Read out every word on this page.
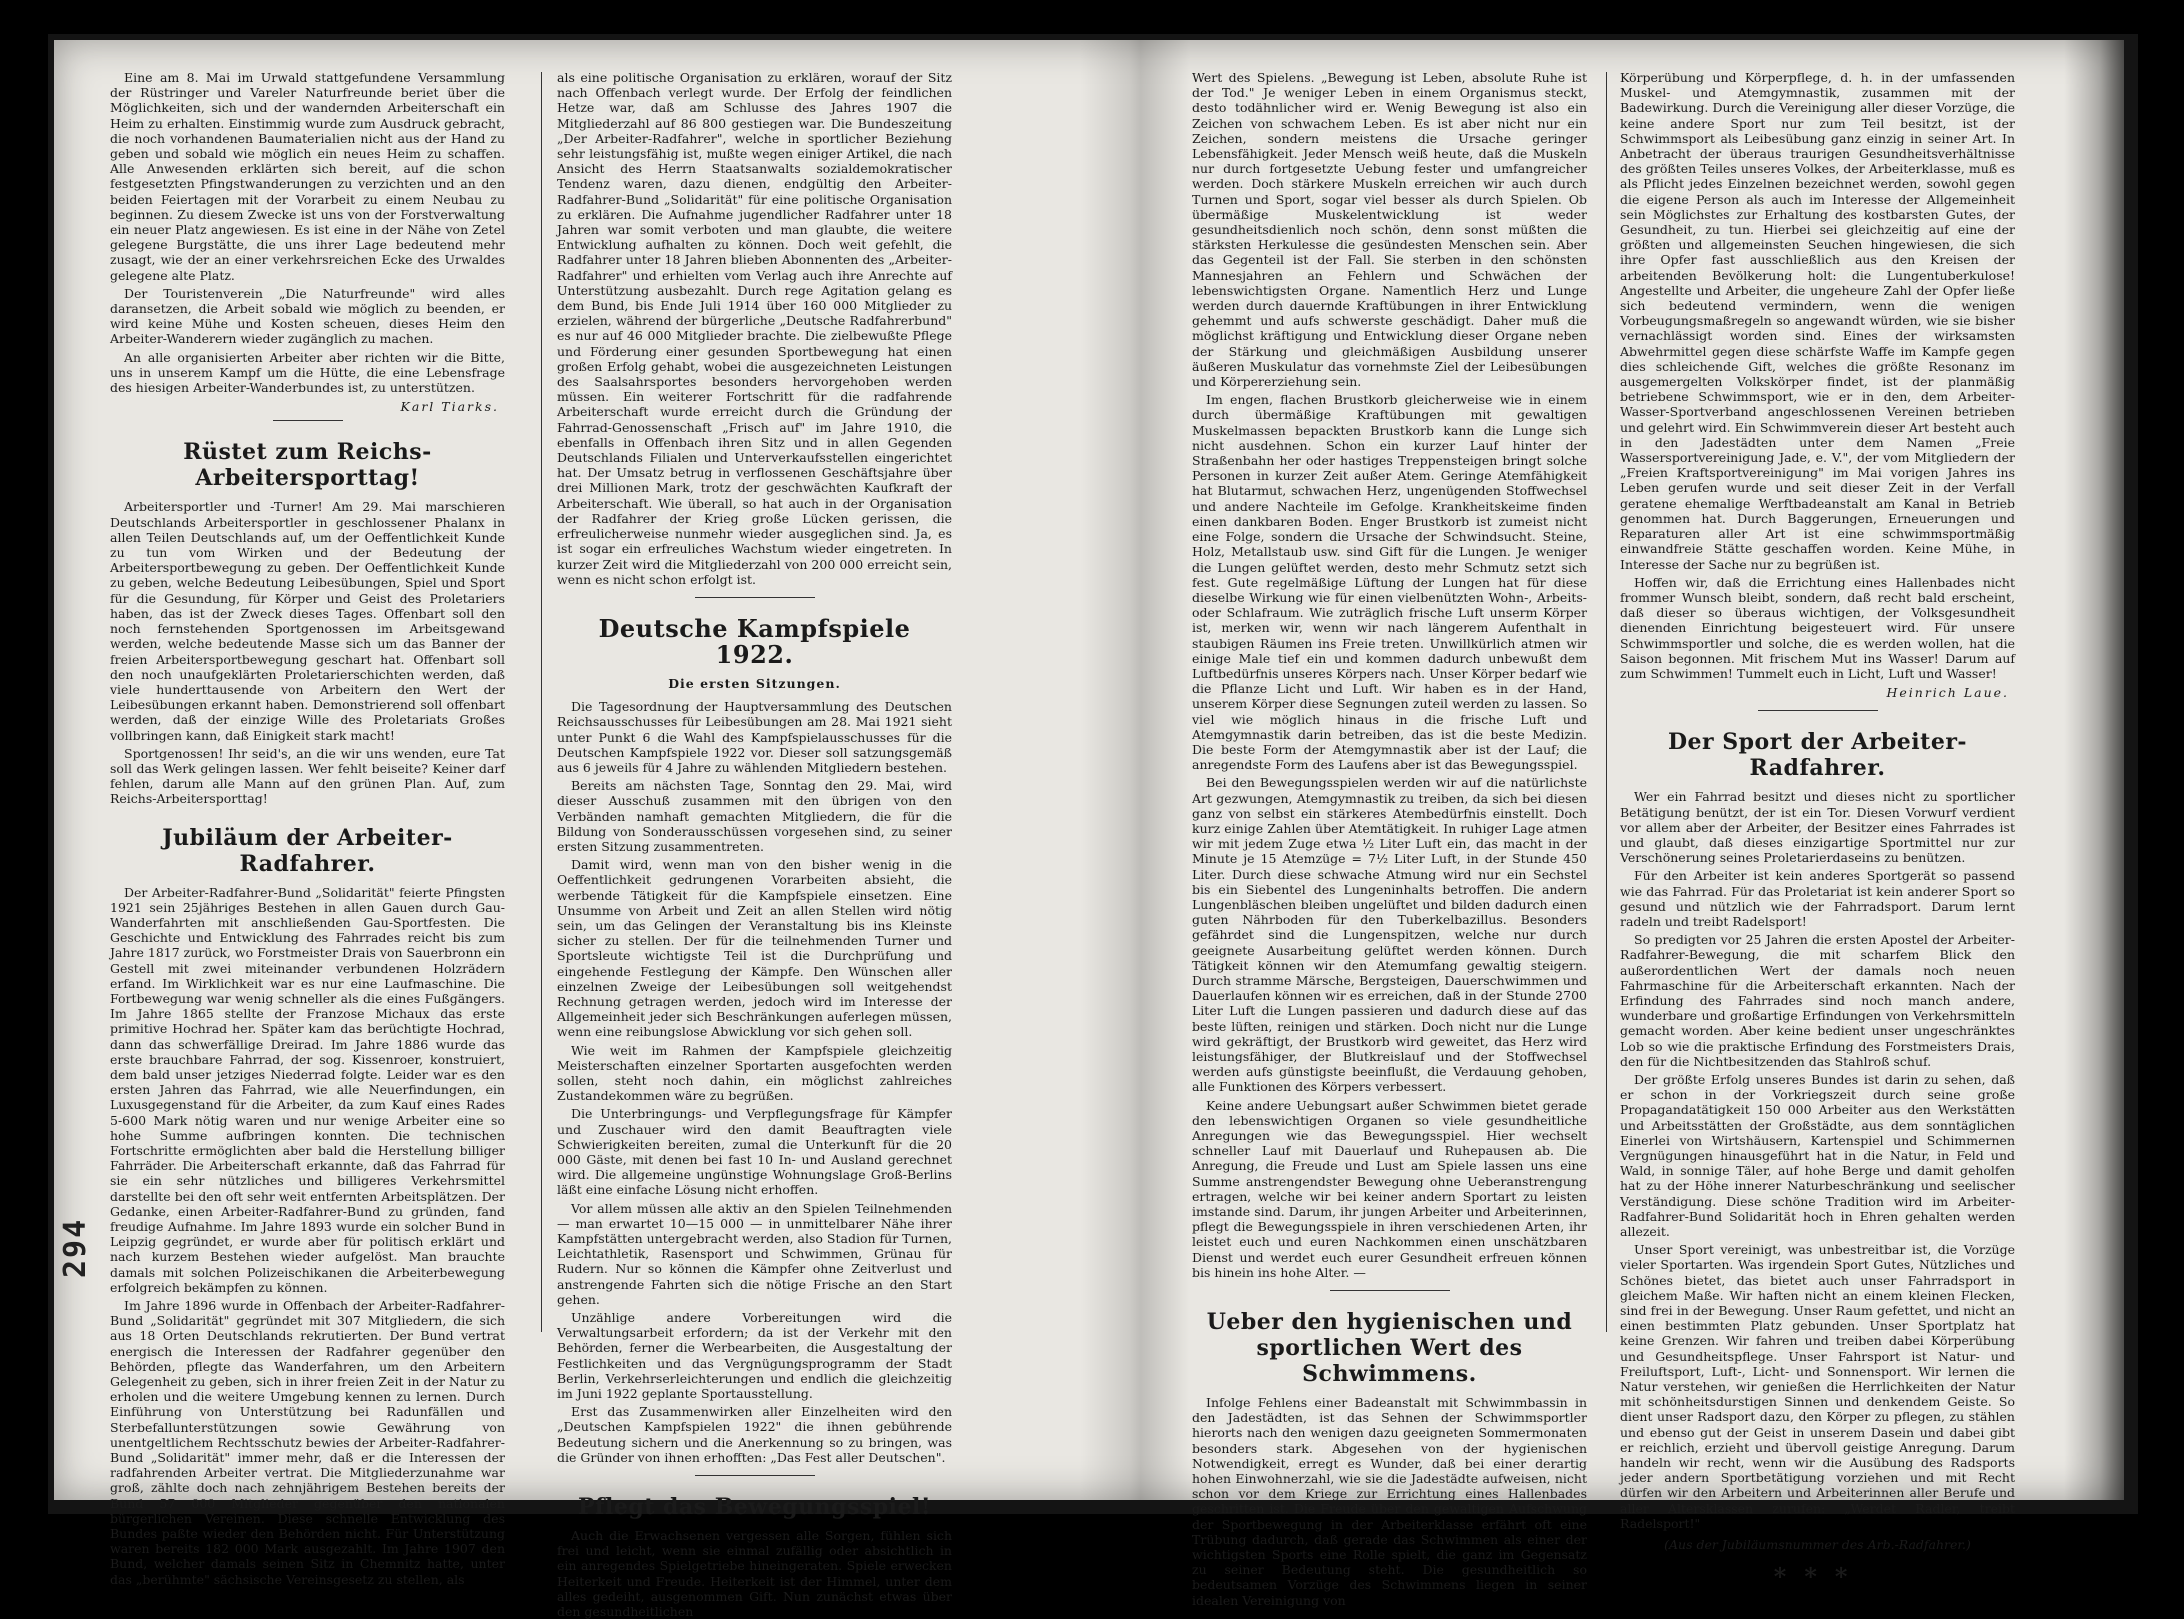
294

Eine am 8. Mai im Urwald stattgefundene Versammlung der Rüstringer und Vareler Naturfreunde beriet über die Möglichkeiten, sich und der wandernden Arbeiterschaft ein Heim zu erhalten. Einstimmig wurde zum Ausdruck gebracht, die noch vorhandenen Baumaterialien nicht aus der Hand zu geben und sobald wie möglich ein neues Heim zu schaffen. Alle Anwesenden erklärten sich bereit, auf die schon festgesetzten Pfingstwanderungen zu verzichten und an den beiden Feiertagen mit der Vorarbeit zu einem Neubau zu beginnen. Zu diesem Zwecke ist uns von der Forstverwaltung ein neuer Platz angewiesen. Es ist eine in der Nähe von Zetel gelegene Burgstätte, die uns ihrer Lage bedeutend mehr zusagt, wie der an einer verkehrsreichen Ecke des Urwaldes gelegene alte Platz.

Der Touristenverein „Die Naturfreunde" wird alles daransetzen, die Arbeit sobald wie möglich zu beenden, er wird keine Mühe und Kosten scheuen, dieses Heim den Arbeiter-Wanderern wieder zugänglich zu machen.

An alle organisierten Arbeiter aber richten wir die Bitte, uns in unserem Kampf um die Hütte, die eine Lebensfrage des hiesigen Arbeiter-Wanderbundes ist, zu unterstützen.

Karl Tiarks.
Rüstet zum Reichs-Arbeitersporttag!

Arbeitersportler und -Turner! Am 29. Mai marschieren Deutschlands Arbeitersportler in geschlossener Phalanx in allen Teilen Deutschlands auf, um der Oeffentlichkeit Kunde zu tun vom Wirken und der Bedeutung der Arbeitersportbewegung zu geben. Der Oeffentlichkeit Kunde zu geben, welche Bedeutung Leibesübungen, Spiel und Sport für die Gesundung, für Körper und Geist des Proletariers haben, das ist der Zweck dieses Tages. Offenbart soll den noch fernstehenden Sportgenossen im Arbeitsgewand werden, welche bedeutende Masse sich um das Banner der freien Arbeitersportbewegung geschart hat. Offenbart soll den noch unaufgeklärten Proletarierschichten werden, daß viele hunderttausende von Arbeitern den Wert der Leibesübungen erkannt haben. Demonstrierend soll offenbart werden, daß der einzige Wille des Proletariats Großes vollbringen kann, daß Einigkeit stark macht!

Sportgenossen! Ihr seid's, an die wir uns wenden, eure Tat soll das Werk gelingen lassen. Wer fehlt beiseite? Keiner darf fehlen, darum alle Mann auf den grünen Plan. Auf, zum Reichs-Arbeitersporttag!

Jubiläum der Arbeiter-Radfahrer.

Der Arbeiter-Radfahrer-Bund „Solidarität" feierte Pfingsten 1921 sein 25jähriges Bestehen in allen Gauen durch Gau-Wanderfahrten mit anschließenden Gau-Sportfesten. Die Geschichte und Entwicklung des Fahrrades reicht bis zum Jahre 1817 zurück, wo Forstmeister Drais von Sauerbronn ein Gestell mit zwei miteinander verbundenen Holzrädern erfand. Im Wirklichkeit war es nur eine Laufmaschine. Die Fortbewegung war wenig schneller als die eines Fußgängers. Im Jahre 1865 stellte der Franzose Michaux das erste primitive Hochrad her. Später kam das berüchtigte Hochrad, dann das schwerfällige Dreirad. Im Jahre 1886 wurde das erste brauchbare Fahrrad, der sog. Kissenroer, konstruiert, dem bald unser jetziges Niederrad folgte. Leider war es den ersten Jahren das Fahrrad, wie alle Neuerfindungen, ein Luxusgegenstand für die Arbeiter, da zum Kauf eines Rades 5-600 Mark nötig waren und nur wenige Arbeiter eine so hohe Summe aufbringen konnten. Die technischen Fortschritte ermöglichten aber bald die Herstellung billiger Fahrräder. Die Arbeiterschaft erkannte, daß das Fahrrad für sie ein sehr nützliches und billigeres Verkehrsmittel darstellte bei den oft sehr weit entfernten Arbeitsplätzen. Der Gedanke, einen Arbeiter-Radfahrer-Bund zu gründen, fand freudige Aufnahme. Im Jahre 1893 wurde ein solcher Bund in Leipzig gegründet, er wurde aber für politisch erklärt und nach kurzem Bestehen wieder aufgelöst. Man brauchte damals mit solchen Polizeischikanen die Arbeiterbewegung erfolgreich bekämpfen zu können.

Im Jahre 1896 wurde in Offenbach der Arbeiter-Radfahrer-Bund „Solidarität" gegründet mit 307 Mitgliedern, die sich aus 18 Orten Deutschlands rekrutierten. Der Bund vertrat energisch die Interessen der Radfahrer gegenüber den Behörden, pflegte das Wanderfahren, um den Arbeitern Gelegenheit zu geben, sich in ihrer freien Zeit in der Natur zu erholen und die weitere Umgebung kennen zu lernen. Durch Einführung von Unterstützung bei Radunfällen und Sterbefallunterstützungen sowie Gewährung von unentgeltlichem Rechtsschutz bewies der Arbeiter-Radfahrer-Bund „Solidarität" immer mehr, daß er die Interessen der radfahrenden Arbeiter vertrat. Die Mitgliederzunahme war groß, zählte doch nach zehnjährigem Bestehen bereits der Bund 57 000 Mitglieder gegenüber den nationalen bürgerlichen Vereinen. Diese schnelle Entwicklung des Bundes paßte wieder den Behörden nicht. Für Unterstützung waren bereits 182 000 Mark ausgezahlt. Im Jahre 1907 den Bund, welcher damals seinen Sitz in Chemnitz hatte, unter das „berühmte" sächsische Vereinsgesetz zu stellen, als

als eine politische Organisation zu erklären, worauf der Sitz nach Offenbach verlegt wurde. Der Erfolg der feindlichen Hetze war, daß am Schlusse des Jahres 1907 die Mitgliederzahl auf 86 800 gestiegen war. Die Bundeszeitung „Der Arbeiter-Radfahrer", welche in sportlicher Beziehung sehr leistungsfähig ist, mußte wegen einiger Artikel, die nach Ansicht des Herrn Staatsanwalts sozialdemokratischer Tendenz waren, dazu dienen, endgültig den Arbeiter-Radfahrer-Bund „Solidarität" für eine politische Organisation zu erklären. Die Aufnahme jugendlicher Radfahrer unter 18 Jahren war somit verboten und man glaubte, die weitere Entwicklung aufhalten zu können. Doch weit gefehlt, die Radfahrer unter 18 Jahren blieben Abonnenten des „Arbeiter-Radfahrer" und erhielten vom Verlag auch ihre Anrechte auf Unterstützung ausbezahlt. Durch rege Agitation gelang es dem Bund, bis Ende Juli 1914 über 160 000 Mitglieder zu erzielen, während der bürgerliche „Deutsche Radfahrerbund" es nur auf 46 000 Mitglieder brachte. Die zielbewußte Pflege und Förderung einer gesunden Sportbewegung hat einen großen Erfolg gehabt, wobei die ausgezeichneten Leistungen des Saalsahrsportes besonders hervorgehoben werden müssen. Ein weiterer Fortschritt für die radfahrende Arbeiterschaft wurde erreicht durch die Gründung der Fahrrad-Genossenschaft „Frisch auf" im Jahre 1910, die ebenfalls in Offenbach ihren Sitz und in allen Gegenden Deutschlands Filialen und Unterverkaufsstellen eingerichtet hat. Der Umsatz betrug in verflossenen Geschäftsjahre über drei Millionen Mark, trotz der geschwächten Kaufkraft der Arbeiterschaft. Wie überall, so hat auch in der Organisation der Radfahrer der Krieg große Lücken gerissen, die erfreulicherweise nunmehr wieder ausgeglichen sind. Ja, es ist sogar ein erfreuliches Wachstum wieder eingetreten. In kurzer Zeit wird die Mitgliederzahl von 200 000 erreicht sein, wenn es nicht schon erfolgt ist.

Deutsche Kampfspiele 1922.
Die ersten Sitzungen.

Die Tagesordnung der Hauptversammlung des Deutschen Reichsausschusses für Leibesübungen am 28. Mai 1921 sieht unter Punkt 6 die Wahl des Kampfspielausschusses für die Deutschen Kampfspiele 1922 vor. Dieser soll satzungsgemäß aus 6 jeweils für 4 Jahre zu wählenden Mitgliedern bestehen.

Bereits am nächsten Tage, Sonntag den 29. Mai, wird dieser Ausschuß zusammen mit den übrigen von den Verbänden namhaft gemachten Mitgliedern, die für die Bildung von Sonderausschüssen vorgesehen sind, zu seiner ersten Sitzung zusammentreten.

Damit wird, wenn man von den bisher wenig in die Oeffentlichkeit gedrungenen Vorarbeiten absieht, die werbende Tätigkeit für die Kampfspiele einsetzen. Eine Unsumme von Arbeit und Zeit an allen Stellen wird nötig sein, um das Gelingen der Veranstaltung bis ins Kleinste sicher zu stellen. Der für die teilnehmenden Turner und Sportsleute wichtigste Teil ist die Durchprüfung und eingehende Festlegung der Kämpfe. Den Wünschen aller einzelnen Zweige der Leibesübungen soll weitgehendst Rechnung getragen werden, jedoch wird im Interesse der Allgemeinheit jeder sich Beschränkungen auferlegen müssen, wenn eine reibungslose Abwicklung vor sich gehen soll.

Wie weit im Rahmen der Kampfspiele gleichzeitig Meisterschaften einzelner Sportarten ausgefochten werden sollen, steht noch dahin, ein möglichst zahlreiches Zustandekommen wäre zu begrüßen.

Die Unterbringungs- und Verpflegungsfrage für Kämpfer und Zuschauer wird den damit Beauftragten viele Schwierigkeiten bereiten, zumal die Unterkunft für die 20 000 Gäste, mit denen bei fast 10 In- und Ausland gerechnet wird. Die allgemeine ungünstige Wohnungslage Groß-Berlins läßt eine einfache Lösung nicht erhoffen.

Vor allem müssen alle aktiv an den Spielen Teilnehmenden — man erwartet 10—15 000 — in unmittelbarer Nähe ihrer Kampfstätten untergebracht werden, also Stadion für Turnen, Leichtathletik, Rasensport und Schwimmen, Grünau für Rudern. Nur so können die Kämpfer ohne Zeitverlust und anstrengende Fahrten sich die nötige Frische an den Start gehen.

Unzählige andere Vorbereitungen wird die Verwaltungsarbeit erfordern; da ist der Verkehr mit den Behörden, ferner die Werbearbeiten, die Ausgestaltung der Festlichkeiten und das Vergnügungsprogramm der Stadt Berlin, Verkehrserleichterungen und endlich die gleichzeitig im Juni 1922 geplante Sportausstellung.

Erst das Zusammenwirken aller Einzelheiten wird den „Deutschen Kampfspielen 1922" die ihnen gebührende Bedeutung sichern und die Anerkennung so zu bringen, was die Gründer von ihnen erhofften: „Das Fest aller Deutschen".

Pflegt das Bewegungsspiel!

Auch die Erwachsenen vergessen alle Sorgen, fühlen sich frei und leicht, wenn sie einmal zufällig oder absichtlich in ein anregendes Spielgetriebe hineingeraten. Spiele erwecken Heiterkeit und Freude. Heiterkeit ist der Himmel, unter dem alles gedeiht, ausgenommen Gift. Nun zunächst etwas über den gesundheitlichen

Wert des Spielens. „Bewegung ist Leben, absolute Ruhe ist der Tod." Je weniger Leben in einem Organismus steckt, desto todähnlicher wird er. Wenig Bewegung ist also ein Zeichen von schwachem Leben. Es ist aber nicht nur ein Zeichen, sondern meistens die Ursache geringer Lebensfähigkeit. Jeder Mensch weiß heute, daß die Muskeln nur durch fortgesetzte Uebung fester und umfangreicher werden. Doch stärkere Muskeln erreichen wir auch durch Turnen und Sport, sogar viel besser als durch Spielen. Ob übermäßige Muskelentwicklung ist weder gesundheitsdienlich noch schön, denn sonst müßten die stärksten Herkulesse die gesündesten Menschen sein. Aber das Gegenteil ist der Fall. Sie sterben in den schönsten Mannesjahren an Fehlern und Schwächen der lebenswichtigsten Organe. Namentlich Herz und Lunge werden durch dauernde Kraftübungen in ihrer Entwicklung gehemmt und aufs schwerste geschädigt. Daher muß die möglichst kräftigung und Entwicklung dieser Organe neben der Stärkung und gleichmäßigen Ausbildung unserer äußeren Muskulatur das vornehmste Ziel der Leibesübungen und Körpererziehung sein.

Im engen, flachen Brustkorb gleicherweise wie in einem durch übermäßige Kraftübungen mit gewaltigen Muskelmassen bepackten Brustkorb kann die Lunge sich nicht ausdehnen. Schon ein kurzer Lauf hinter der Straßenbahn her oder hastiges Treppensteigen bringt solche Personen in kurzer Zeit außer Atem. Geringe Atemfähigkeit hat Blutarmut, schwachen Herz, ungenügenden Stoffwechsel und andere Nachteile im Gefolge. Krankheitskeime finden einen dankbaren Boden. Enger Brustkorb ist zumeist nicht eine Folge, sondern die Ursache der Schwindsucht. Steine, Holz, Metallstaub usw. sind Gift für die Lungen. Je weniger die Lungen gelüftet werden, desto mehr Schmutz setzt sich fest. Gute regelmäßige Lüftung der Lungen hat für diese dieselbe Wirkung wie für einen vielbenützten Wohn-, Arbeits- oder Schlafraum. Wie zuträglich frische Luft unserm Körper ist, merken wir, wenn wir nach längerem Aufenthalt in staubigen Räumen ins Freie treten. Unwillkürlich atmen wir einige Male tief ein und kommen dadurch unbewußt dem Luftbedürfnis unseres Körpers nach. Unser Körper bedarf wie die Pflanze Licht und Luft. Wir haben es in der Hand, unserem Körper diese Segnungen zuteil werden zu lassen. So viel wie möglich hinaus in die frische Luft und Atemgymnastik darin betreiben, das ist die beste Medizin. Die beste Form der Atemgymnastik aber ist der Lauf; die anregendste Form des Laufens aber ist das Bewegungsspiel.

Bei den Bewegungsspielen werden wir auf die natürlichste Art gezwungen, Atemgymnastik zu treiben, da sich bei diesen ganz von selbst ein stärkeres Atembedürfnis einstellt. Doch kurz einige Zahlen über Atemtätigkeit. In ruhiger Lage atmen wir mit jedem Zuge etwa ½ Liter Luft ein, das macht in der Minute je 15 Atemzüge = 7½ Liter Luft, in der Stunde 450 Liter. Durch diese schwache Atmung wird nur ein Sechstel bis ein Siebentel des Lungeninhalts betroffen. Die andern Lungenbläschen bleiben ungelüftet und bilden dadurch einen guten Nährboden für den Tuberkelbazillus. Besonders gefährdet sind die Lungenspitzen, welche nur durch geeignete Ausarbeitung gelüftet werden können. Durch Tätigkeit können wir den Atemumfang gewaltig steigern. Durch stramme Märsche, Bergsteigen, Dauerschwimmen und Dauerlaufen können wir es erreichen, daß in der Stunde 2700 Liter Luft die Lungen passieren und dadurch diese auf das beste lüften, reinigen und stärken. Doch nicht nur die Lunge wird gekräftigt, der Brustkorb wird geweitet, das Herz wird leistungsfähiger, der Blutkreislauf und der Stoffwechsel werden aufs günstigste beeinflußt, die Verdauung gehoben, alle Funktionen des Körpers verbessert.

Keine andere Uebungsart außer Schwimmen bietet gerade den lebenswichtigen Organen so viele gesundheitliche Anregungen wie das Bewegungsspiel. Hier wechselt schneller Lauf mit Dauerlauf und Ruhepausen ab. Die Anregung, die Freude und Lust am Spiele lassen uns eine Summe anstrengendster Bewegung ohne Ueberanstrengung ertragen, welche wir bei keiner andern Sportart zu leisten imstande sind. Darum, ihr jungen Arbeiter und Arbeiterinnen, pflegt die Bewegungsspiele in ihren verschiedenen Arten, ihr leistet euch und euren Nachkommen einen unschätzbaren Dienst und werdet euch eurer Gesundheit erfreuen können bis hinein ins hohe Alter. —

Ueber den hygienischen und sportlichen Wert des Schwimmens.

Infolge Fehlens einer Badeanstalt mit Schwimmbassin in den Jadestädten, ist das Sehnen der Schwimmsportler hierorts nach den wenigen dazu geeigneten Sommermonaten besonders stark. Abgesehen von der hygienischen Notwendigkeit, erregt es Wunder, daß bei einer derartig hohen Einwohnerzahl, wie sie die Jadestädte aufweisen, nicht schon vor dem Kriege zur Errichtung eines Hallenbades geschritten ist. Die Freude über den gewaltigen Aufschwung der Sportbewegung in der Arbeiterklasse erfährt oft eine Trübung dadurch, daß gerade das Schwimmen als einer der wichtigsten Sports eine Rolle spielt, die ganz im Gegensatz zu seiner Bedeutung steht. Die gesundheitlich so bedeutsamen Vorzüge des Schwimmens liegen in seiner idealen Vereinigung von

Körperübung und Körperpflege, d. h. in der umfassenden Muskel- und Atemgymnastik, zusammen mit der Badewirkung. Durch die Vereinigung aller dieser Vorzüge, die keine andere Sport nur zum Teil besitzt, ist der Schwimmsport als Leibesübung ganz einzig in seiner Art. In Anbetracht der überaus traurigen Gesundheitsverhältnisse des größten Teiles unseres Volkes, der Arbeiterklasse, muß es als Pflicht jedes Einzelnen bezeichnet werden, sowohl gegen die eigene Person als auch im Interesse der Allgemeinheit sein Möglichstes zur Erhaltung des kostbarsten Gutes, der Gesundheit, zu tun. Hierbei sei gleichzeitig auf eine der größten und allgemeinsten Seuchen hingewiesen, die sich ihre Opfer fast ausschließlich aus den Kreisen der arbeitenden Bevölkerung holt: die Lungentuberkulose! Angestellte und Arbeiter, die ungeheure Zahl der Opfer ließe sich bedeutend vermindern, wenn die wenigen Vorbeugungsmaßregeln so angewandt würden, wie sie bisher vernachlässigt worden sind. Eines der wirksamsten Abwehrmittel gegen diese schärfste Waffe im Kampfe gegen dies schleichende Gift, welches die größte Resonanz im ausgemergelten Volkskörper findet, ist der planmäßig betriebene Schwimmsport, wie er in den, dem Arbeiter-Wasser-Sportverband angeschlossenen Vereinen betrieben und gelehrt wird. Ein Schwimmverein dieser Art besteht auch in den Jadestädten unter dem Namen „Freie Wassersportvereinigung Jade, e. V.", der vom Mitgliedern der „Freien Kraftsportvereinigung" im Mai vorigen Jahres ins Leben gerufen wurde und seit dieser Zeit in der Verfall geratene ehemalige Werftbadeanstalt am Kanal in Betrieb genommen hat. Durch Baggerungen, Erneuerungen und Reparaturen aller Art ist eine schwimmsportmäßig einwandfreie Stätte geschaffen worden. Keine Mühe, in Interesse der Sache nur zu begrüßen ist.

Hoffen wir, daß die Errichtung eines Hallenbades nicht frommer Wunsch bleibt, sondern, daß recht bald erscheint, daß dieser so überaus wichtigen, der Volksgesundheit dienenden Einrichtung beigesteuert wird. Für unsere Schwimmsportler und solche, die es werden wollen, hat die Saison begonnen. Mit frischem Mut ins Wasser! Darum auf zum Schwimmen! Tummelt euch in Licht, Luft und Wasser!

Heinrich Laue.
Der Sport der Arbeiter-Radfahrer.

Wer ein Fahrrad besitzt und dieses nicht zu sportlicher Betätigung benützt, der ist ein Tor. Diesen Vorwurf verdient vor allem aber der Arbeiter, der Besitzer eines Fahrrades ist und glaubt, daß dieses einzigartige Sportmittel nur zur Verschönerung seines Proletarierdaseins zu benützen.

Für den Arbeiter ist kein anderes Sportgerät so passend wie das Fahrrad. Für das Proletariat ist kein anderer Sport so gesund und nützlich wie der Fahrradsport. Darum lernt radeln und treibt Radelsport!

So predigten vor 25 Jahren die ersten Apostel der Arbeiter-Radfahrer-Bewegung, die mit scharfem Blick den außerordentlichen Wert der damals noch neuen Fahrmaschine für die Arbeiterschaft erkannten. Nach der Erfindung des Fahrrades sind noch manch andere, wunderbare und großartige Erfindungen von Verkehrsmitteln gemacht worden. Aber keine bedient unser ungeschränktes Lob so wie die praktische Erfindung des Forstmeisters Drais, den für die Nichtbesitzenden das Stahlroß schuf.

Der größte Erfolg unseres Bundes ist darin zu sehen, daß er schon in der Vorkriegszeit durch seine große Propagandatätigkeit 150 000 Arbeiter aus den Werkstätten und Arbeitsstätten der Großstädte, aus dem sonntäglichen Einerlei von Wirtshäusern, Kartenspiel und Schimmernen Vergnügungen hinausgeführt hat in die Natur, in Feld und Wald, in sonnige Täler, auf hohe Berge und damit geholfen hat zu der Höhe innerer Naturbeschränkung und seelischer Verständigung. Diese schöne Tradition wird im Arbeiter-Radfahrer-Bund Solidarität hoch in Ehren gehalten werden allezeit.

Unser Sport vereinigt, was unbestreitbar ist, die Vorzüge vieler Sportarten. Was irgendein Sport Gutes, Nützliches und Schönes bietet, das bietet auch unser Fahrradsport in gleichem Maße. Wir haften nicht an einem kleinen Flecken, sind frei in der Bewegung. Unser Raum gefettet, und nicht an einen bestimmten Platz gebunden. Unser Sportplatz hat keine Grenzen. Wir fahren und treiben dabei Körperübung und Gesundheitspflege. Unser Fahrsport ist Natur- und Freiluftsport, Luft-, Licht- und Sonnensport. Wir lernen die Natur verstehen, wir genießen die Herrlichkeiten der Natur mit schönheitsdurstigen Sinnen und denkendem Geiste. So dient unser Radsport dazu, den Körper zu pflegen, zu stählen und ebenso gut der Geist in unserem Dasein und dabei gibt er reichlich, erzieht und übervoll geistige Anregung. Darum handeln wir recht, wenn wir die Ausübung des Radsports jeder andern Sportbetätigung vorziehen und mit Recht dürfen wir den Arbeitern und Arbeiterinnen aller Berufe und aller Altersklassen zurufen: „Werdet Radler, treibt Radelsport!"

(Aus der Jubiläumsnummer des Arb.-Radfahrer.)
∗∗∗
